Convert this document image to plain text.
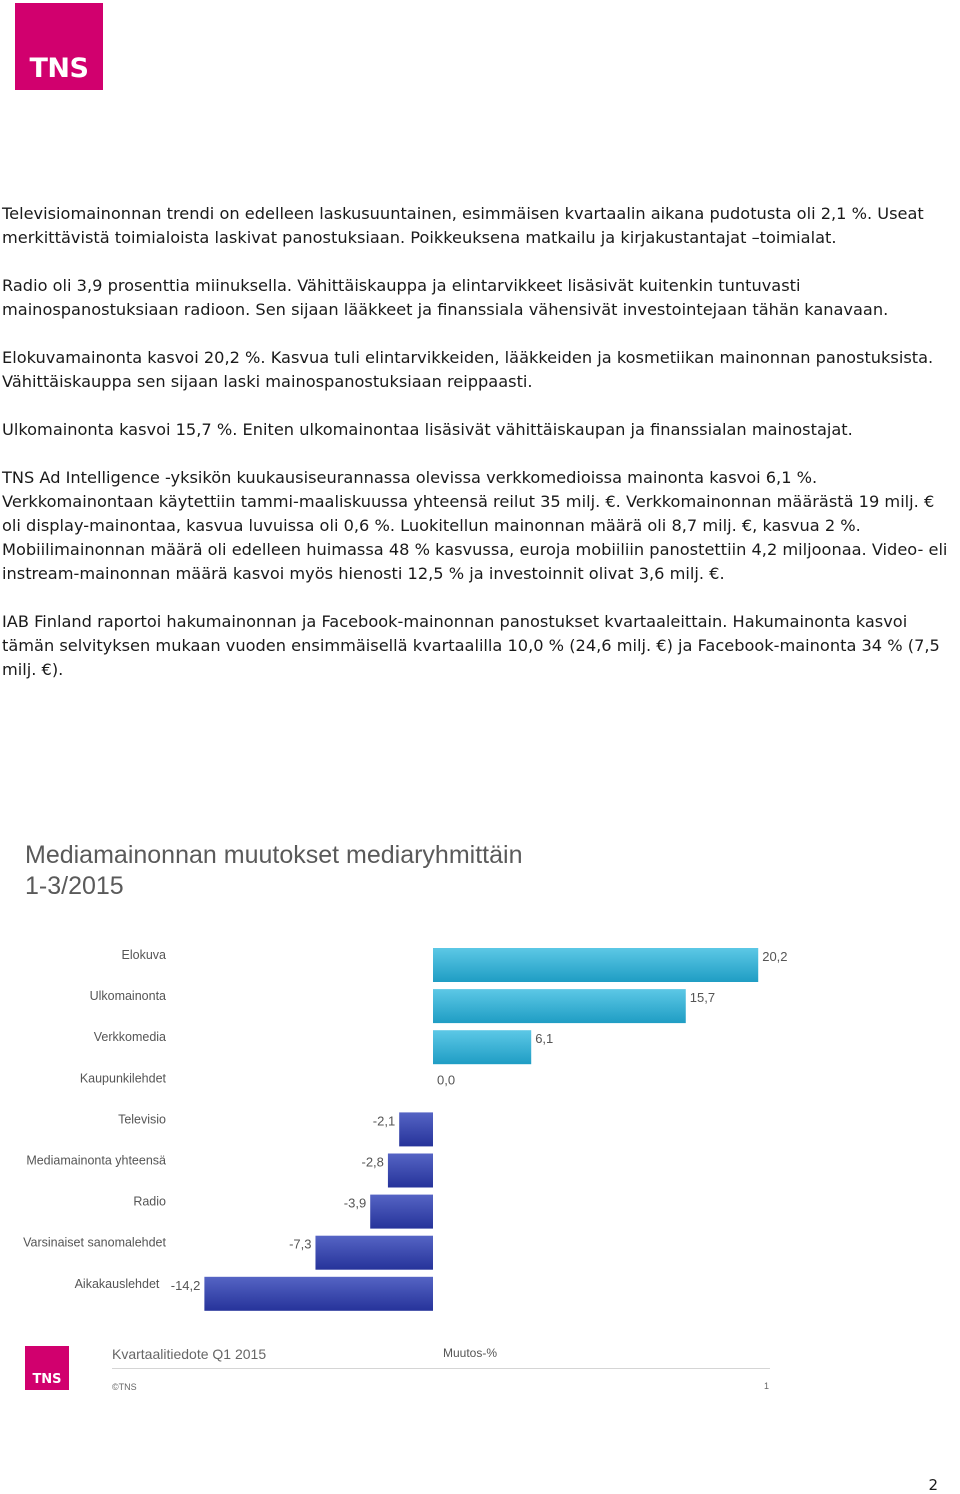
TNS

Televisiomainonnan trendi on edelleen laskusuuntainen, esimmäisen kvartaalin aikana pudotusta oli 2,1 %. Useat merkittävistä toimialoista laskivat panostuksiaan. Poikkeuksena matkailu ja kirjakustantajat –toimialat.

Radio oli 3,9 prosenttia miinuksella. Vähittäiskauppa ja elintarvikkeet lisäsivät kuitenkin tuntuvasti mainospanostuksiaan radioon. Sen sijaan lääkkeet ja finanssiala vähensivät investointejaan tähän kanavaan.

Elokuvamainonta kasvoi 20,2 %. Kasvua tuli elintarvikkeiden, lääkkeiden ja kosmetiikan mainonnan panostuksista. Vähittäiskauppa sen sijaan laski mainospanostuksiaan reippaasti.

Ulkomainonta kasvoi 15,7 %. Eniten ulkomainontaa lisäsivät vähittäiskaupan ja finanssialan mainostajat.

TNS Ad Intelligence -yksikön kuukausiseurannassa olevissa verkkomedioissa mainonta kasvoi 6,1 %. Verkkomainontaan käytettiin tammi-maaliskuussa yhteensä reilut 35 milj. €. Verkkomainonnan määrästä 19 milj. € oli display-mainontaa, kasvua luvuissa oli 0,6 %. Luokitellun mainonnan määrä oli 8,7 milj. €, kasvua 2 %. Mobiilimainonnan määrä oli edelleen huimassa 48 % kasvussa, euroja mobiiliin panostettiin 4,2 miljoonaa. Video- eli instream-mainonnan määrä kasvoi myös hienosti 12,5 % ja investoinnit olivat 3,6 milj. €.

IAB Finland raportoi hakumainonnan ja Facebook-mainonnan panostukset kvartaaleittain. Hakumainonta kasvoi tämän selvityksen mukaan vuoden ensimmäisellä kvartaalilla 10,0 % (24,6 milj. €) ja Facebook-mainonta 34 % (7,5 milj. €).

Mediamainonnan muutokset mediaryhmittäin
1-3/2015
Elokuva	20,2
Ulkomainonta	15,7
Verkkomedia	6,1
Kaupunkilehdet	0,0
Televisio	-2,1
Mediamainonta yhteensä	-2,8
Radio	-3,9
Varsinaiset sanomalehdet	-7,3
Aikakauslehdet -14,2
TNS
Kvartaalitiedote Q1 2015	Muutos-%
©TNS	1
2
